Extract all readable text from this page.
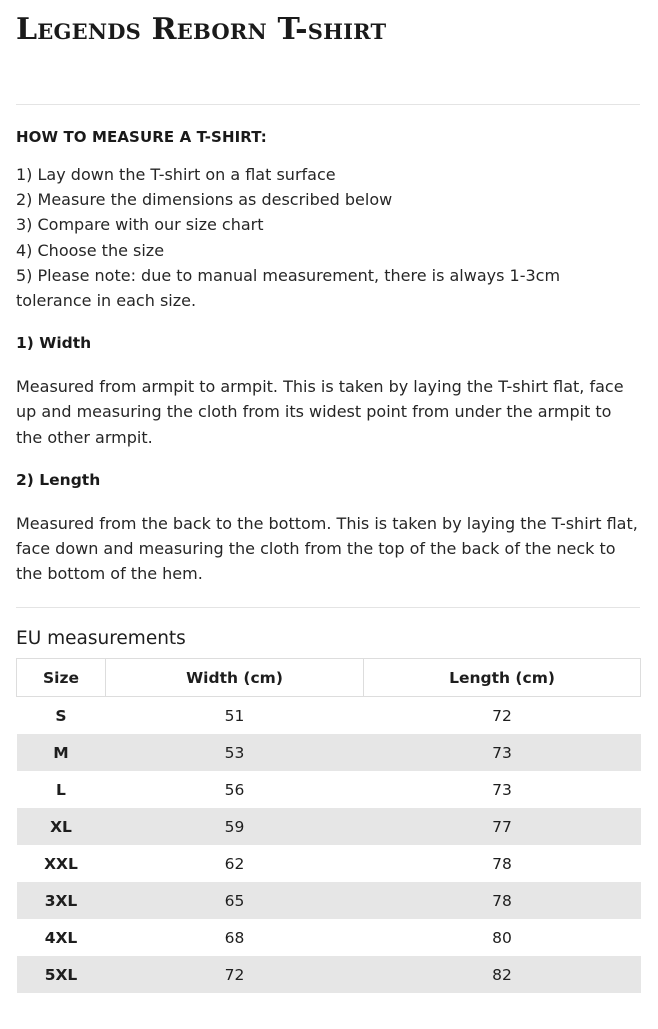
Legends Reborn T-shirt
HOW TO MEASURE A T-SHIRT:
1) Lay down the T-shirt on a flat surface
2) Measure the dimensions as described below
3) Compare with our size chart
4) Choose the size
5) Please note: due to manual measurement, there is always 1-3cm tolerance in each size.
1) Width
Measured from armpit to armpit. This is taken by laying the T-shirt flat, face up and measuring the cloth from its widest point from under the armpit to the other armpit.
2) Length
Measured from the back to the bottom. This is taken by laying the T-shirt flat, face down and measuring the cloth from the top of the back of the neck to the bottom of the hem.
EU measurements
Size	Width (cm)	Length (cm)
S	51	72
M	53	73
L	56	73
XL	59	77
XXL	62	78
3XL	65	78
4XL	68	80
5XL	72	82
